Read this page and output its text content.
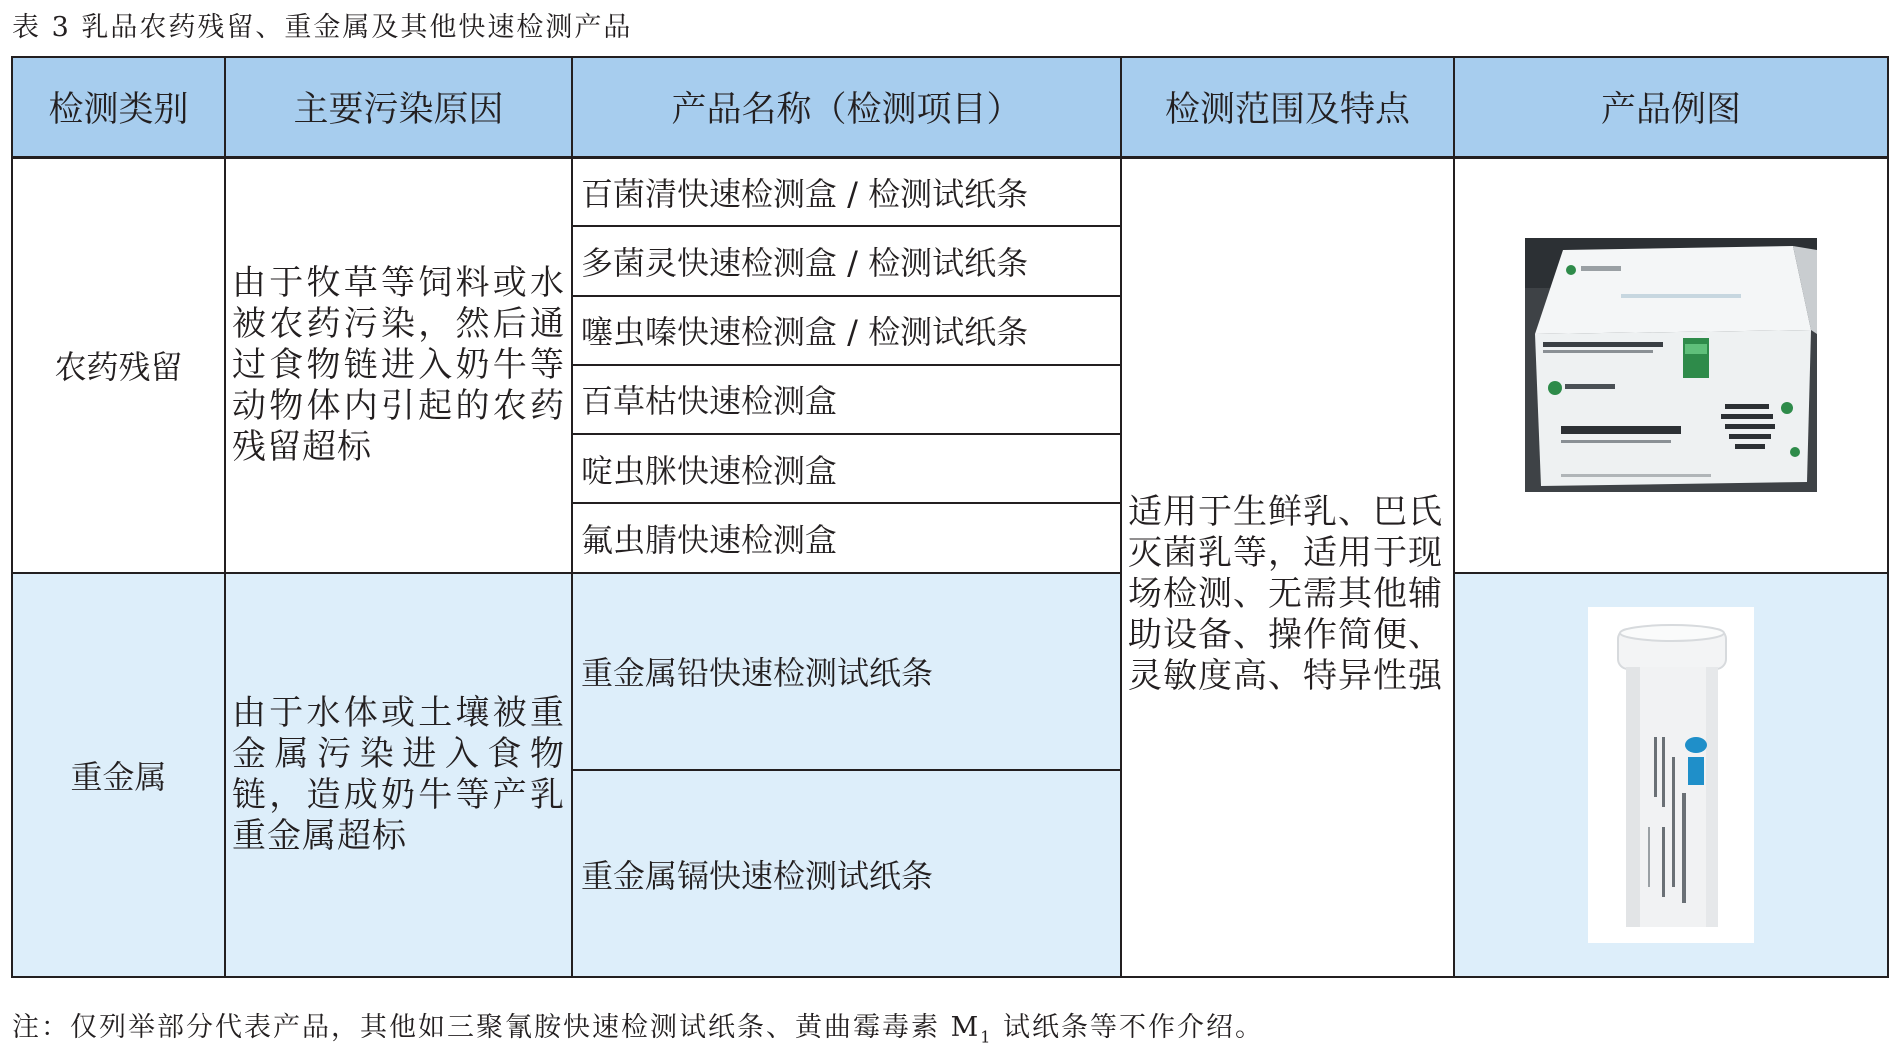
表 3 乳品农药残留、重金属及其他快速检测产品
检测类别	主要污染原因	产品名称（检测项目）	检测范围及特点	产品例图
农药残留	由于牧草等饲料或水被农药污染，然后通过食物链进入奶牛等动物体内引起的农药残留超标	百菌清快速检测盒 / 检测试纸条	适用于生鲜乳、巴氏灭菌乳等，适用于现场检测、无需其他辅助设备、操作简便、灵敏度高、特异性强	
		多菌灵快速检测盒 / 检测试纸条		
		噻虫嗪快速检测盒 / 检测试纸条		
		百草枯快速检测盒		
		啶虫脒快速检测盒		
		氟虫腈快速检测盒		
重金属	由于水体或土壤被重金属污染进入食物链，造成奶牛等产乳重金属超标	重金属铅快速检测试纸条	
		重金属镉快速检测试纸条		
注：仅列举部分代表产品，其他如三聚氰胺快速检测试纸条、黄曲霉毒素 $M_1$ 试纸条等不作介绍。
